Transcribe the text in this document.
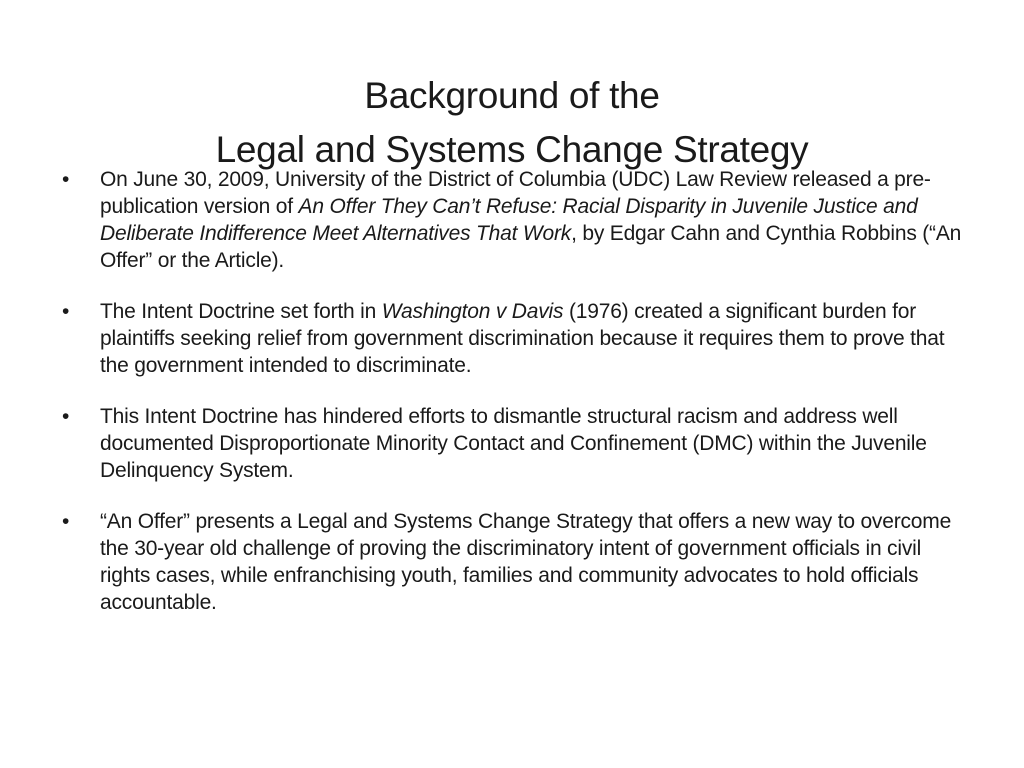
Background of the
Legal and Systems Change Strategy
•	On June 30, 2009, University of the District of Columbia (UDC) Law Review released a pre-publication version of An Offer They Can’t Refuse: Racial Disparity in Juvenile Justice and Deliberate Indifference Meet Alternatives That Work, by Edgar Cahn and Cynthia Robbins (“An Offer” or the Article).
•	The Intent Doctrine set forth in Washington v Davis (1976) created a significant burden for plaintiffs seeking relief from government discrimination because it requires them to prove that the government intended to discriminate.
•	This Intent Doctrine has hindered efforts to dismantle structural racism and address well documented Disproportionate Minority Contact and Confinement (DMC) within the Juvenile Delinquency System.
•	“An Offer” presents a Legal and Systems Change Strategy that offers a new way to overcome the 30-year old challenge of proving the discriminatory intent of government officials in civil rights cases, while enfranchising youth, families and community advocates to hold officials accountable.
